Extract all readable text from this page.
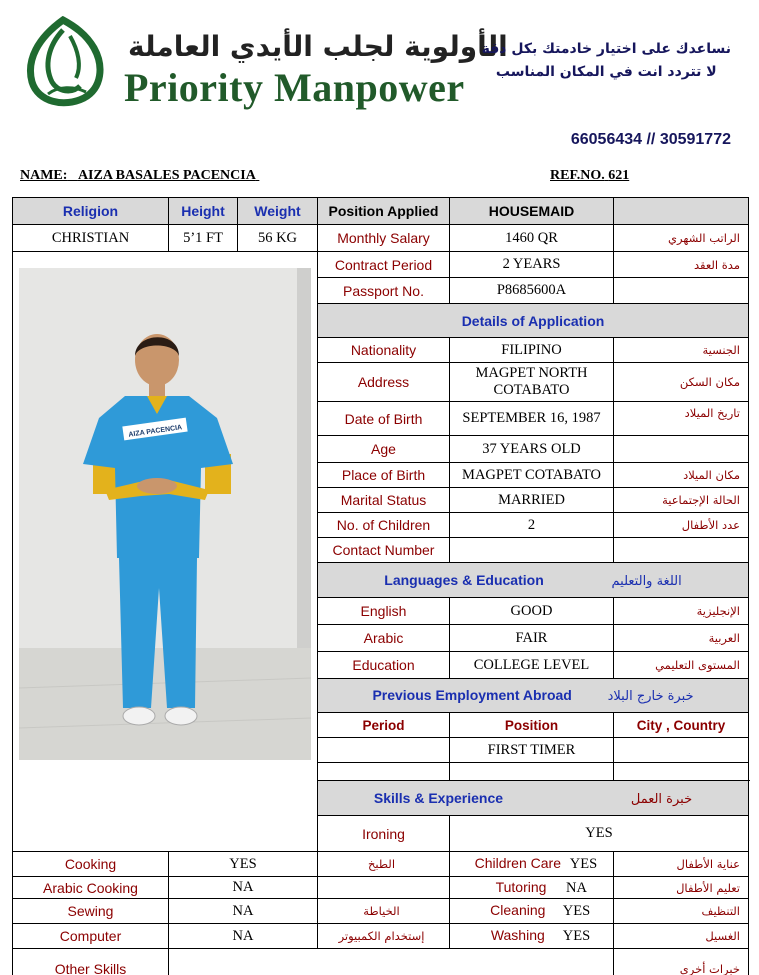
الأولوية لجلب الأيدي العاملة
Priority Manpower
نساعدك على اختيار خادمتك بكل دقة
لا تتردد انت في المكان المناسب
66056434 // 30591772
NAME: AIZA BASALES PACENCIA	REF.NO. 621
Religion	Height	Weight	Position Applied	HOUSEMAID		
CHRISTIAN	5’1 FT	56 KG	Monthly Salary	1460 QR	الراتب الشهري	

AIZA PACENCIA			Contract Period	2 YEARS	مدة العقد	
			Passport No.	P8685600A		
			Details of Application			
			Nationality	FILIPINO	الجنسية	
			Address	MAGPET NORTH COTABATO	مكان السكن	
			Date of Birth	SEPTEMBER 16, 1987	تاريخ الميلاد	
			Age	37 YEARS OLD		
			Place of Birth	MAGPET COTABATO	مكان الميلاد	
			Marital Status	MARRIED	الحالة الإجتماعية	
			No. of Children	2	عدد الأطفال	
			Contact Number			
			Languages & Education اللغة والتعليم			
			English	GOOD	الإنجليزية	
			Arabic	FAIR	العربية	
			Education	COLLEGE LEVEL	المستوى التعليمي	
			Previous Employment Abroad خبرة خارج البلاد			
			Period	Position	City , Country	
				FIRST TIMER		

			Skills & Experience خبرة العمل			
			Ironing	YES			
Cooking	YES		الطبخ	Children Care YES	عناية الأطفال	
Arabic Cooking	NA			Tutoring NA	تعليم الأطفال	
Sewing	NA		الخياطة	Cleaning YES	التنظيف	
Computer	NA		إستخدام الكمبيوتر	Washing YES	الغسيل	
Other Skills					خبرات أخرى	
